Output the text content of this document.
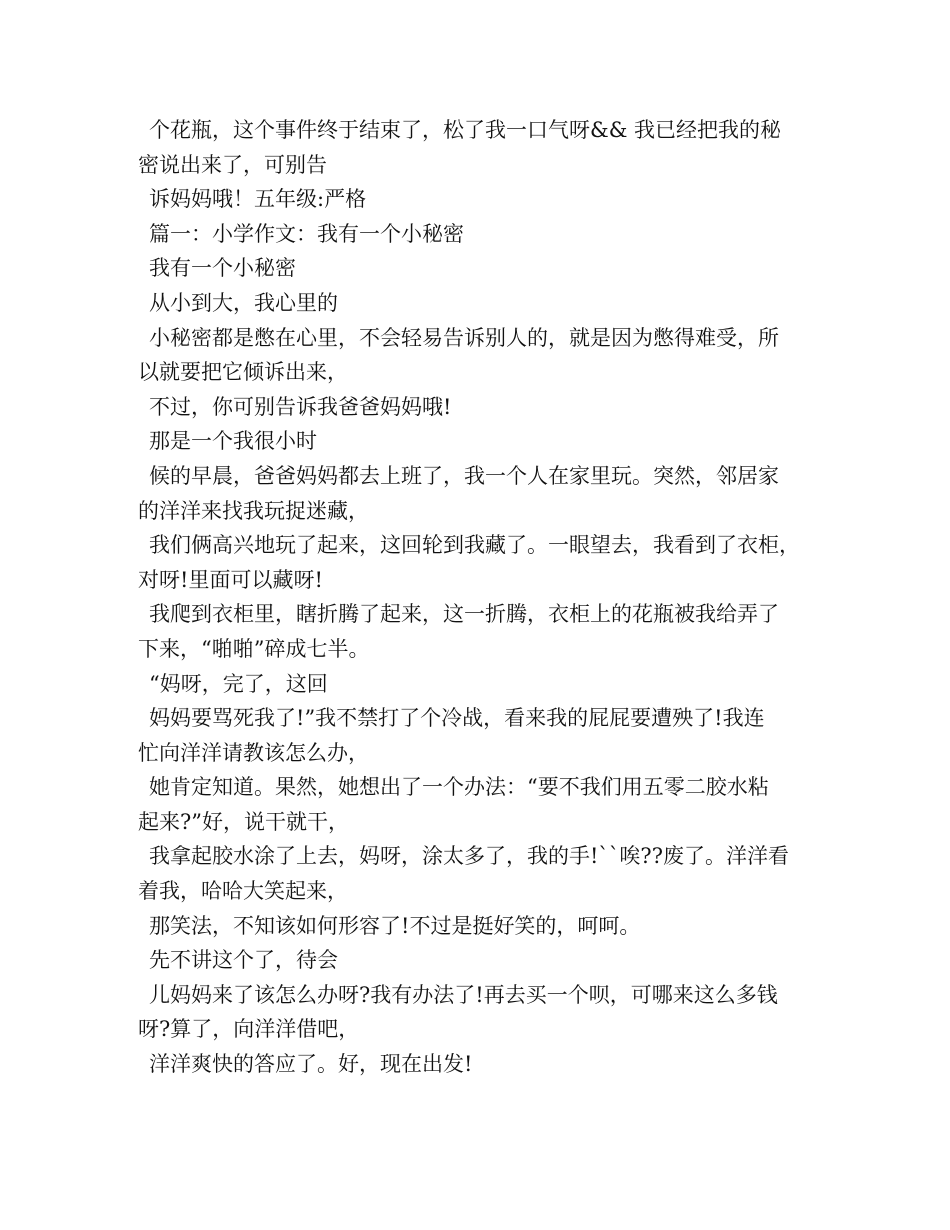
个花瓶，这个事件终于结束了，松了我一口气呀&& 我已经把我的秘
密说出来了，可别告
诉妈妈哦！五年级:严格
篇一：小学作文：我有一个小秘密
我有一个小秘密
从小到大，我心里的
小秘密都是憋在心里，不会轻易告诉别人的，就是因为憋得难受，所
以就要把它倾诉出来，
不过，你可别告诉我爸爸妈妈哦!
那是一个我很小时
候的早晨，爸爸妈妈都去上班了，我一个人在家里玩。突然，邻居家
的洋洋来找我玩捉迷藏，
我们俩高兴地玩了起来，这回轮到我藏了。一眼望去，我看到了衣柜，
对呀!里面可以藏呀!
我爬到衣柜里，瞎折腾了起来，这一折腾，衣柜上的花瓶被我给弄了
下来，“啪啪”碎成七半。
“妈呀，完了，这回
妈妈要骂死我了!”我不禁打了个冷战，看来我的屁屁要遭殃了!我连
忙向洋洋请教该怎么办，
她肯定知道。果然，她想出了一个办法：“要不我们用五零二胶水粘
起来?”好，说干就干，
我拿起胶水涂了上去，妈呀，涂太多了，我的手!``唉??废了。洋洋看
着我，哈哈大笑起来，
那笑法，不知该如何形容了!不过是挺好笑的，呵呵。
先不讲这个了，待会
儿妈妈来了该怎么办呀?我有办法了!再去买一个呗，可哪来这么多钱
呀?算了，向洋洋借吧，
洋洋爽快的答应了。好，现在出发!
